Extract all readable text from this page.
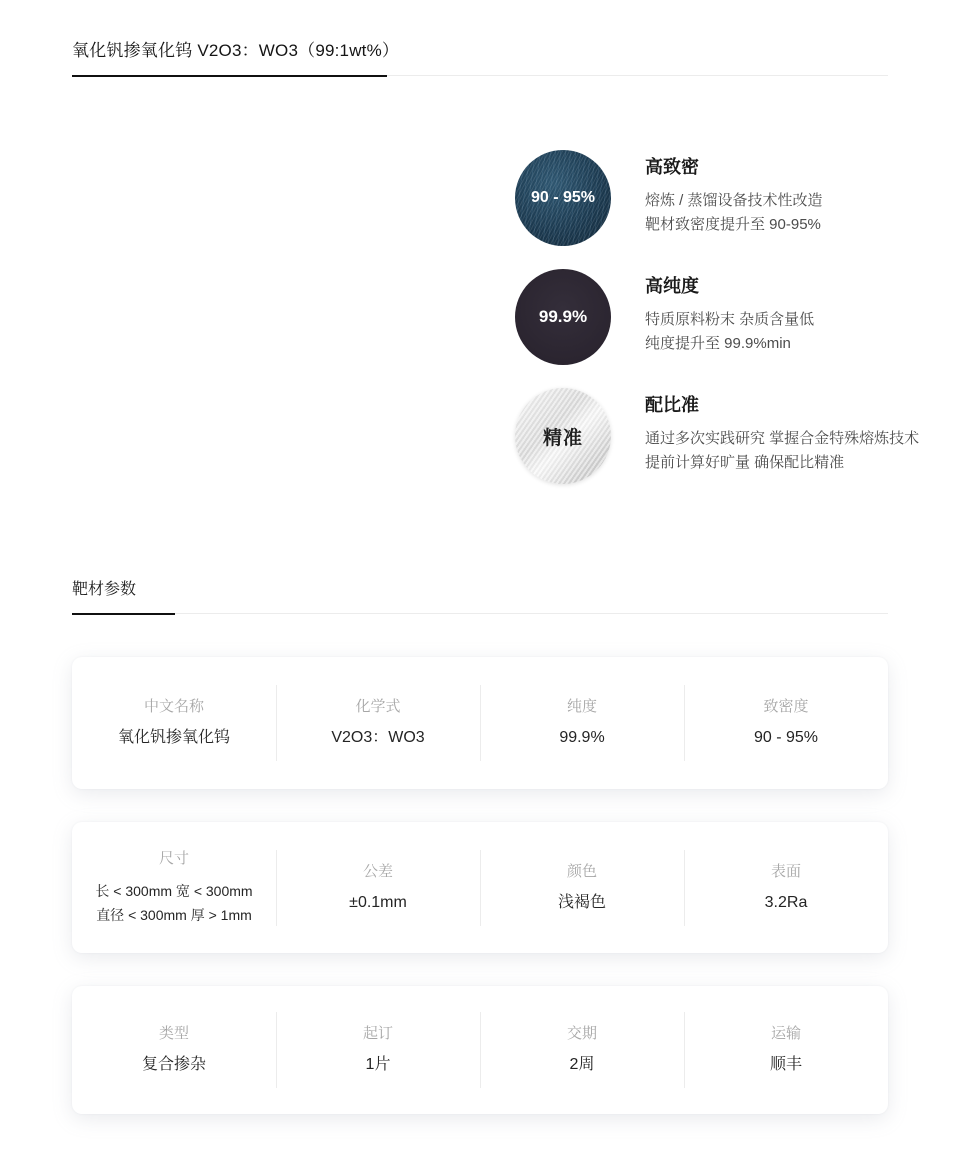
氧化钒掺氧化钨 V2O3：WO3（99:1wt%）
90 - 95%
高致密
熔炼 / 蒸馏设备技术性改造
靶材致密度提升至 90-95%
99.9%
高纯度
特质原料粉末 杂质含量低
纯度提升至 99.9%min
精准
配比准
通过多次实践研究 掌握合金特殊熔炼技术
提前计算好旷量 确保配比精准
靶材参数
中文名称
氧化钒掺氧化钨
化学式
V2O3：WO3
纯度
99.9%
致密度
90 - 95%
尺寸
长 < 300mm 宽 < 300mm
直径 < 300mm 厚 > 1mm
公差
±0.1mm
颜色
浅褐色
表面
3.2Ra
类型
复合掺杂
起订
1片
交期
2周
运输
顺丰
